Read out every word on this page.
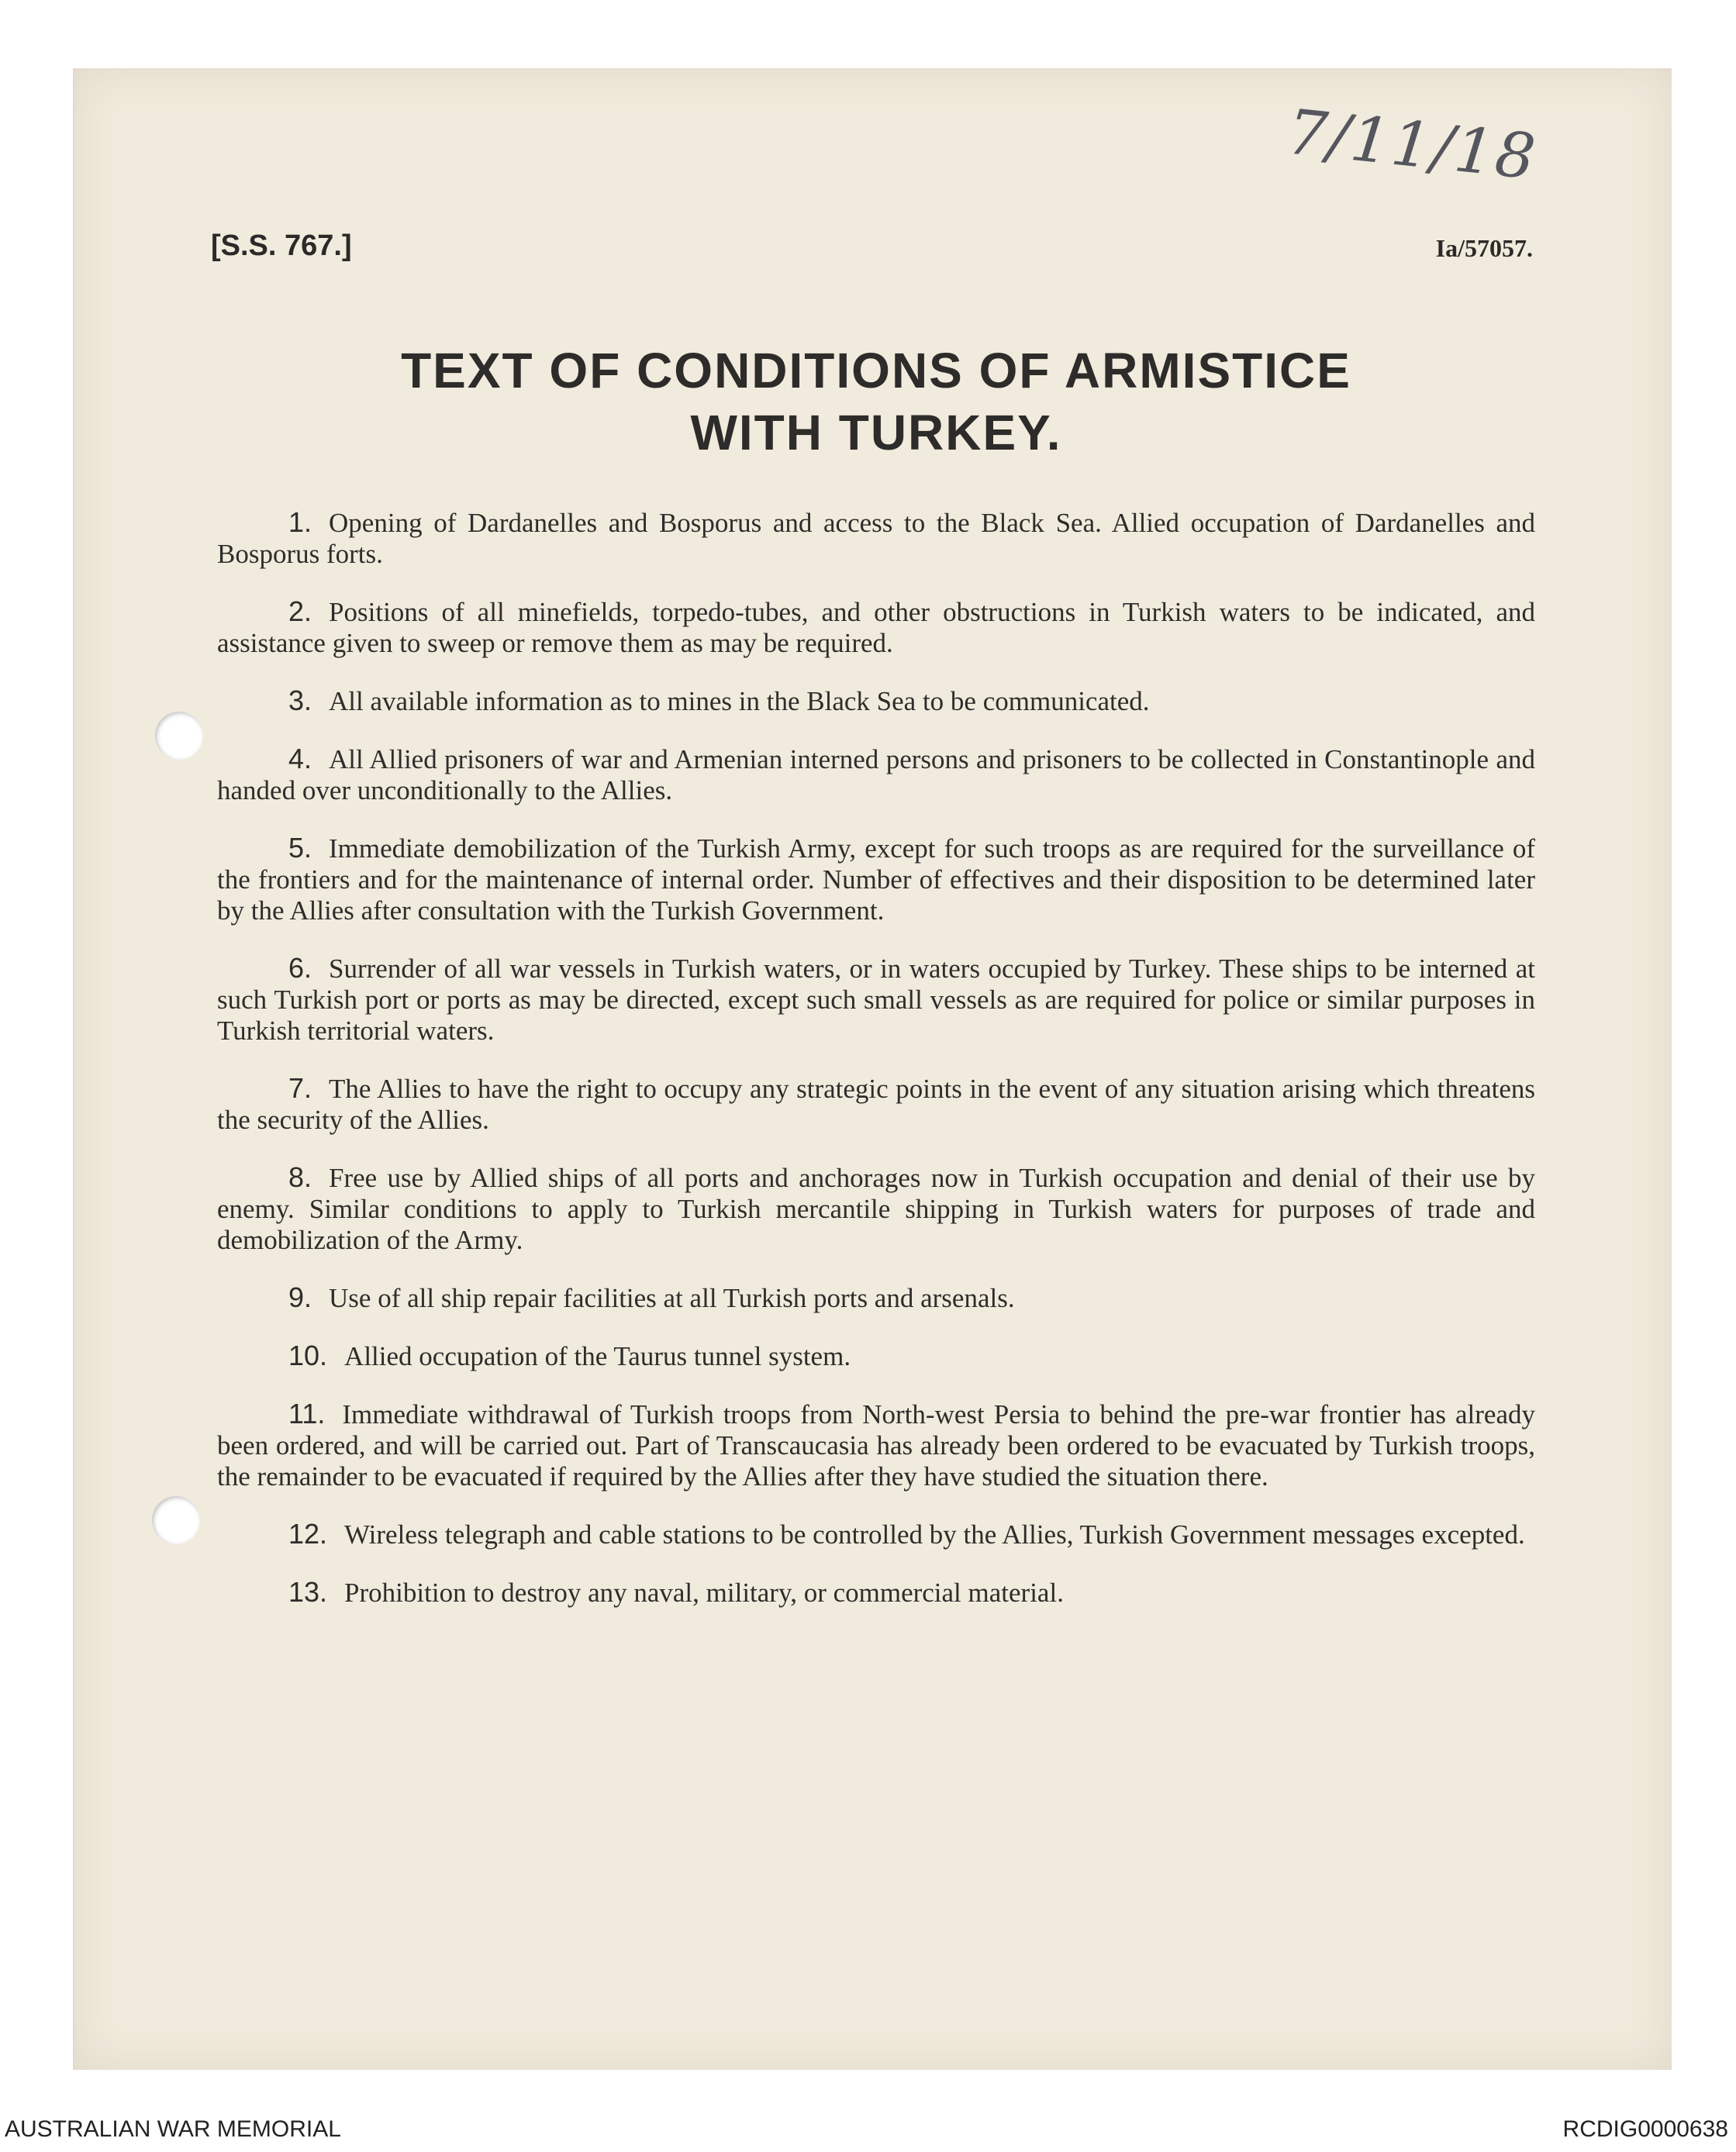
7/11/18
[S.S. 767.]	Ia/57057.
TEXT OF CONDITIONS OF ARMISTICE
WITH TURKEY.
1. Opening of Dardanelles and Bosporus and access to the Black Sea. Allied occupation of Dardanelles and Bosporus forts.
2. Positions of all minefields, torpedo-tubes, and other obstructions in Turkish waters to be indicated, and assistance given to sweep or remove them as may be required.
3. All available information as to mines in the Black Sea to be communicated.
4. All Allied prisoners of war and Armenian interned persons and prisoners to be collected in Constantinople and handed over unconditionally to the Allies.
5. Immediate demobilization of the Turkish Army, except for such troops as are required for the surveillance of the frontiers and for the maintenance of internal order. Number of effectives and their disposition to be determined later by the Allies after consultation with the Turkish Government.
6. Surrender of all war vessels in Turkish waters, or in waters occupied by Turkey. These ships to be interned at such Turkish port or ports as may be directed, except such small vessels as are required for police or similar purposes in Turkish territorial waters.
7. The Allies to have the right to occupy any strategic points in the event of any situation arising which threatens the security of the Allies.
8. Free use by Allied ships of all ports and anchorages now in Turkish occupation and denial of their use by enemy. Similar conditions to apply to Turkish mercantile shipping in Turkish waters for purposes of trade and demobilization of the Army.
9. Use of all ship repair facilities at all Turkish ports and arsenals.
10. Allied occupation of the Taurus tunnel system.
11. Immediate withdrawal of Turkish troops from North-west Persia to behind the pre-war frontier has already been ordered, and will be carried out. Part of Transcaucasia has already been ordered to be evacuated by Turkish troops, the remainder to be evacuated if required by the Allies after they have studied the situation there.
12. Wireless telegraph and cable stations to be controlled by the Allies, Turkish Government messages excepted.
13. Prohibition to destroy any naval, military, or commercial material.
AUSTRALIAN WAR MEMORIAL	RCDIG0000638
